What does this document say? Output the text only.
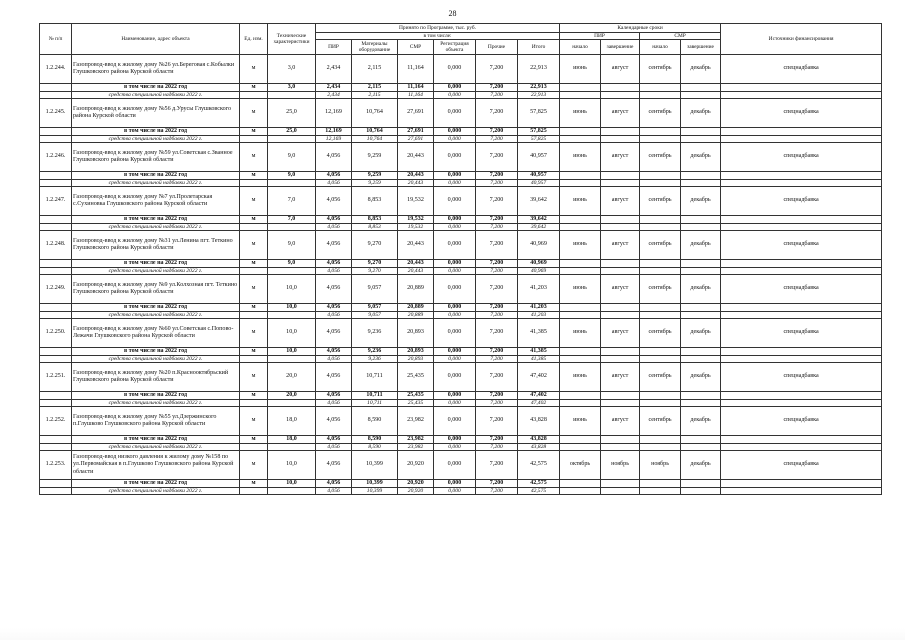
28
№ п/п	Наименование, адрес объекта	Ед. изм.	Технические характеристики	Принято по Программе, тыс. руб.						Календарные сроки				Источники финансирования
				в том числе:						ПИР		СМР		
				ПИР	Материалы оборудование	СМР	Регистрация объекта	Прочие	Итого	начало	завершение	начало	завершение	
1.2.244.	Газопровод-ввод к жилому дому №26 ул.Береговая с.Кобылки Глушковского района Курской области	м	3,0	2,434	2,115	11,164	0,000	7,200	22,913	июнь	август	сентябрь	декабрь	спецнадбавка
	в том числе на 2022 год	м	3,0	2,434	2,115	11,164	0,000	7,200	22,913					
	средства специальной надбавки 2022 г.			2,434	2,115	11,164	0,000	7,200	22,913					
1.2.245.	Газопровод-ввод к жилому дому №56 д.Урусы Глушковского района Курской области	м	25,0	12,169	10,764	27,691	0,000	7,200	57,825	июнь	август	сентябрь	декабрь	спецнадбавка
	в том числе на 2022 год	м	25,0	12,169	10,764	27,691	0,000	7,200	57,825					
	средства специальной надбавки 2022 г.			12,169	10,764	27,691	0,000	7,200	57,825					
1.2.246.	Газопровод-ввод к жилому дому №59 ул.Советская с.Званное Глушковского района Курской области	м	9,0	4,056	9,259	20,443	0,000	7,200	40,957	июнь	август	сентябрь	декабрь	спецнадбавка
	в том числе на 2022 год	м	9,0	4,056	9,259	20,443	0,000	7,200	40,957					
	средства специальной надбавки 2022 г.			4,056	9,259	20,443	0,000	7,200	40,957					
1.2.247.	Газопровод-ввод к жилому дому №7 ул.Пролетарская с.Сухиновка Глушковского района Курской области	м	7,0	4,056	8,853	19,532	0,000	7,200	39,642	июнь	август	сентябрь	декабрь	спецнадбавка
	в том числе на 2022 год	м	7,0	4,056	8,853	19,532	0,000	7,200	39,642					
	средства специальной надбавки 2022 г.			4,056	8,853	19,532	0,000	7,200	39,642					
1.2.248.	Газопровод-ввод к жилому дому №31 ул.Ленина пгт. Теткино Глушковского района Курской области	м	9,0	4,056	9,270	20,443	0,000	7,200	40,969	июнь	август	сентябрь	декабрь	спецнадбавка
	в том числе на 2022 год	м	9,0	4,056	9,270	20,443	0,000	7,200	40,969					
	средства специальной надбавки 2022 г.			4,056	9,270	20,443	0,000	7,200	40,969					
1.2.249.	Газопровод-ввод к жилому дому №9 ул.Колхозная пгт. Теткино Глушковского района Курской области	м	10,0	4,056	9,057	20,889	0,000	7,200	41,203	июнь	август	сентябрь	декабрь	спецнадбавка
	в том числе на 2022 год	м	10,0	4,056	9,057	20,889	0,000	7,200	41,203					
	средства специальной надбавки 2022 г.			4,056	9,057	20,889	0,000	7,200	41,203					
1.2.250.	Газопровод-ввод к жилому дому №60 ул.Советская с.Попово-Лежачи Глушковского района Курской области	м	10,0	4,056	9,236	20,893	0,000	7,200	41,385	июнь	август	сентябрь	декабрь	спецнадбавка
	в том числе на 2022 год	м	10,0	4,056	9,236	20,893	0,000	7,200	41,385					
	средства специальной надбавки 2022 г.			4,056	9,236	20,893	0,000	7,200	41,385					
1.2.251.	Газопровод-ввод к жилому дому №20 п.Краснооктябрьский Глушковского района Курской области	м	20,0	4,056	10,711	25,435	0,000	7,200	47,402	июнь	август	сентябрь	декабрь	спецнадбавка
	в том числе на 2022 год	м	20,0	4,056	10,711	25,435	0,000	7,200	47,402					
	средства специальной надбавки 2022 г.			4,056	10,711	25,435	0,000	7,200	47,402					
1.2.252.	Газопровод-ввод к жилому дому №55 ул.Дзержинского п.Глушково Глушковского района Курской области	м	18,0	4,056	8,590	23,982	0,000	7,200	43,828	июнь	август	сентябрь	декабрь	спецнадбавка
	в том числе на 2022 год	м	18,0	4,056	8,590	23,982	0,000	7,200	43,828					
	средства специальной надбавки 2022 г.			4,056	8,590	23,982	0,000	7,200	43,828					
1.2.253.	Газопровод-ввод низкого давления к жилому дому №158 по ул.Первомайская в п.Глушково Глушковского района Курской области	м	10,0	4,056	10,399	20,920	0,000	7,200	42,575	октябрь	ноябрь	ноябрь	декабрь	спецнадбавка
	в том числе на 2022 год	м	10,0	4,056	10,399	20,920	0,000	7,200	42,575					
	средства специальной надбавки 2022 г.			4,056	10,399	20,920	0,000	7,200	42,575					
